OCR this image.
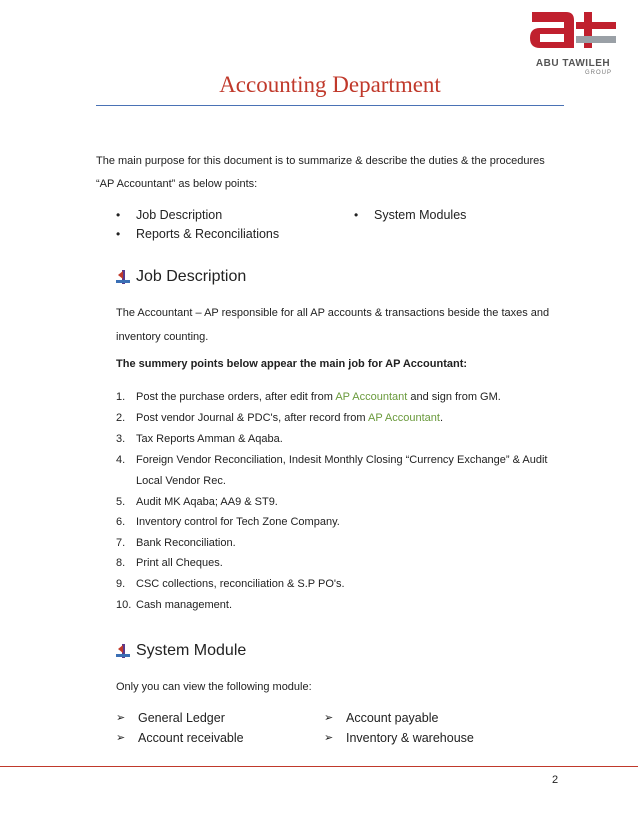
ABU TAWILEH
GROUP
Accounting Department
The main purpose for this document is to summarize & describe the duties & the procedures
“AP Accountant” as below points:
• Job Description
• Reports & Reconciliations
• System Modules
Job Description
The Accountant – AP responsible for all AP accounts & transactions beside the taxes and
inventory counting.
The summery points below appear the main job for AP Accountant:
1. Post the purchase orders, after edit from AP Accountant and sign from GM.
2. Post vendor Journal & PDC's, after record from AP Accountant.
3. Tax Reports Amman & Aqaba.
4. Foreign Vendor Reconciliation, Indesit Monthly Closing “Currency Exchange” & Audit
Local Vendor Rec.
5. Audit MK Aqaba; AA9 & ST9.
6. Inventory control for Tech Zone Company.
7. Bank Reconciliation.
8. Print all Cheques.
9. CSC collections, reconciliation & S.P PO's.
10. Cash management.
System Module
Only you can view the following module:
➢ General Ledger
➢ Account receivable
➢ Account payable
➢ Inventory & warehouse
2
